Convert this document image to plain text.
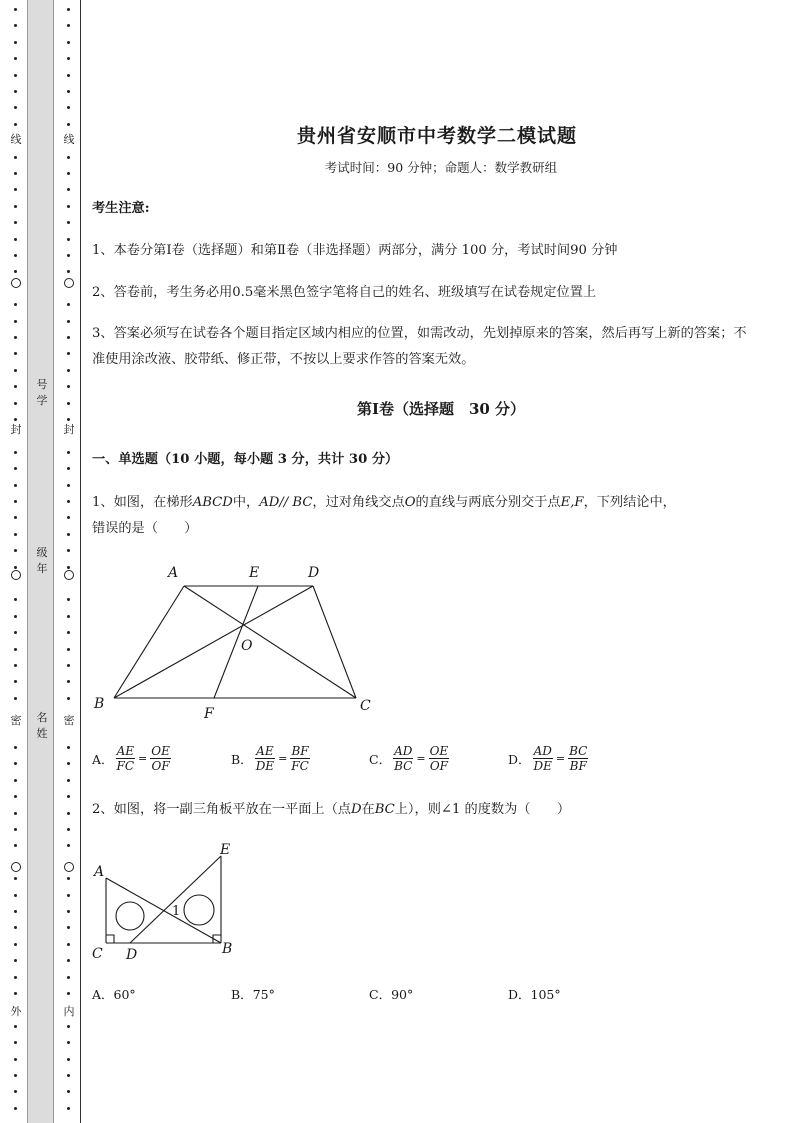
线
封
密
外
线
封
密
内
号学
级年
名姓
贵州省安顺市中考数学二模试题
考试时间：90 分钟；命题人：数学教研组
考生注意:
1、本卷分第Ⅰ卷（选择题）和第Ⅱ卷（非选择题）两部分，满分 100 分，考试时间90 分钟
2、答卷前，考生务必用0.5毫米黑色签字笔将自己的姓名、班级填写在试卷规定位置上
3、答案必须写在试卷各个题目指定区域内相应的位置，如需改动，先划掉原来的答案，然后再写上新的答案；不准使用涂改液、胶带纸、修正带，不按以上要求作答的答案无效。
第Ⅰ卷（选择题　30 分）
一、单选题（10 小题，每小题 3 分，共计 30 分）
1、如图，在梯形ABCD中，AD// BC，过对角线交点O的直线与两底分别交于点E,F，下列结论中，
错误的是（　　）
A	E	D
O
B
F	C
A． $\frac{AE}{FC} = \frac{OE}{OF}$	B． $\frac{AE}{DE} = \frac{BF}{FC}$	C． $\frac{AD}{BC} = \frac{OE}{OF}$	D． $\frac{AD}{DE} = \frac{BC}{BF}$
2、如图，将一副三角板平放在一平面上（点D在BC上），则∠1 的度数为（　　）
A
E
C D	B
1
A． 60°	B． 75°	C． 90°	D． 105°
